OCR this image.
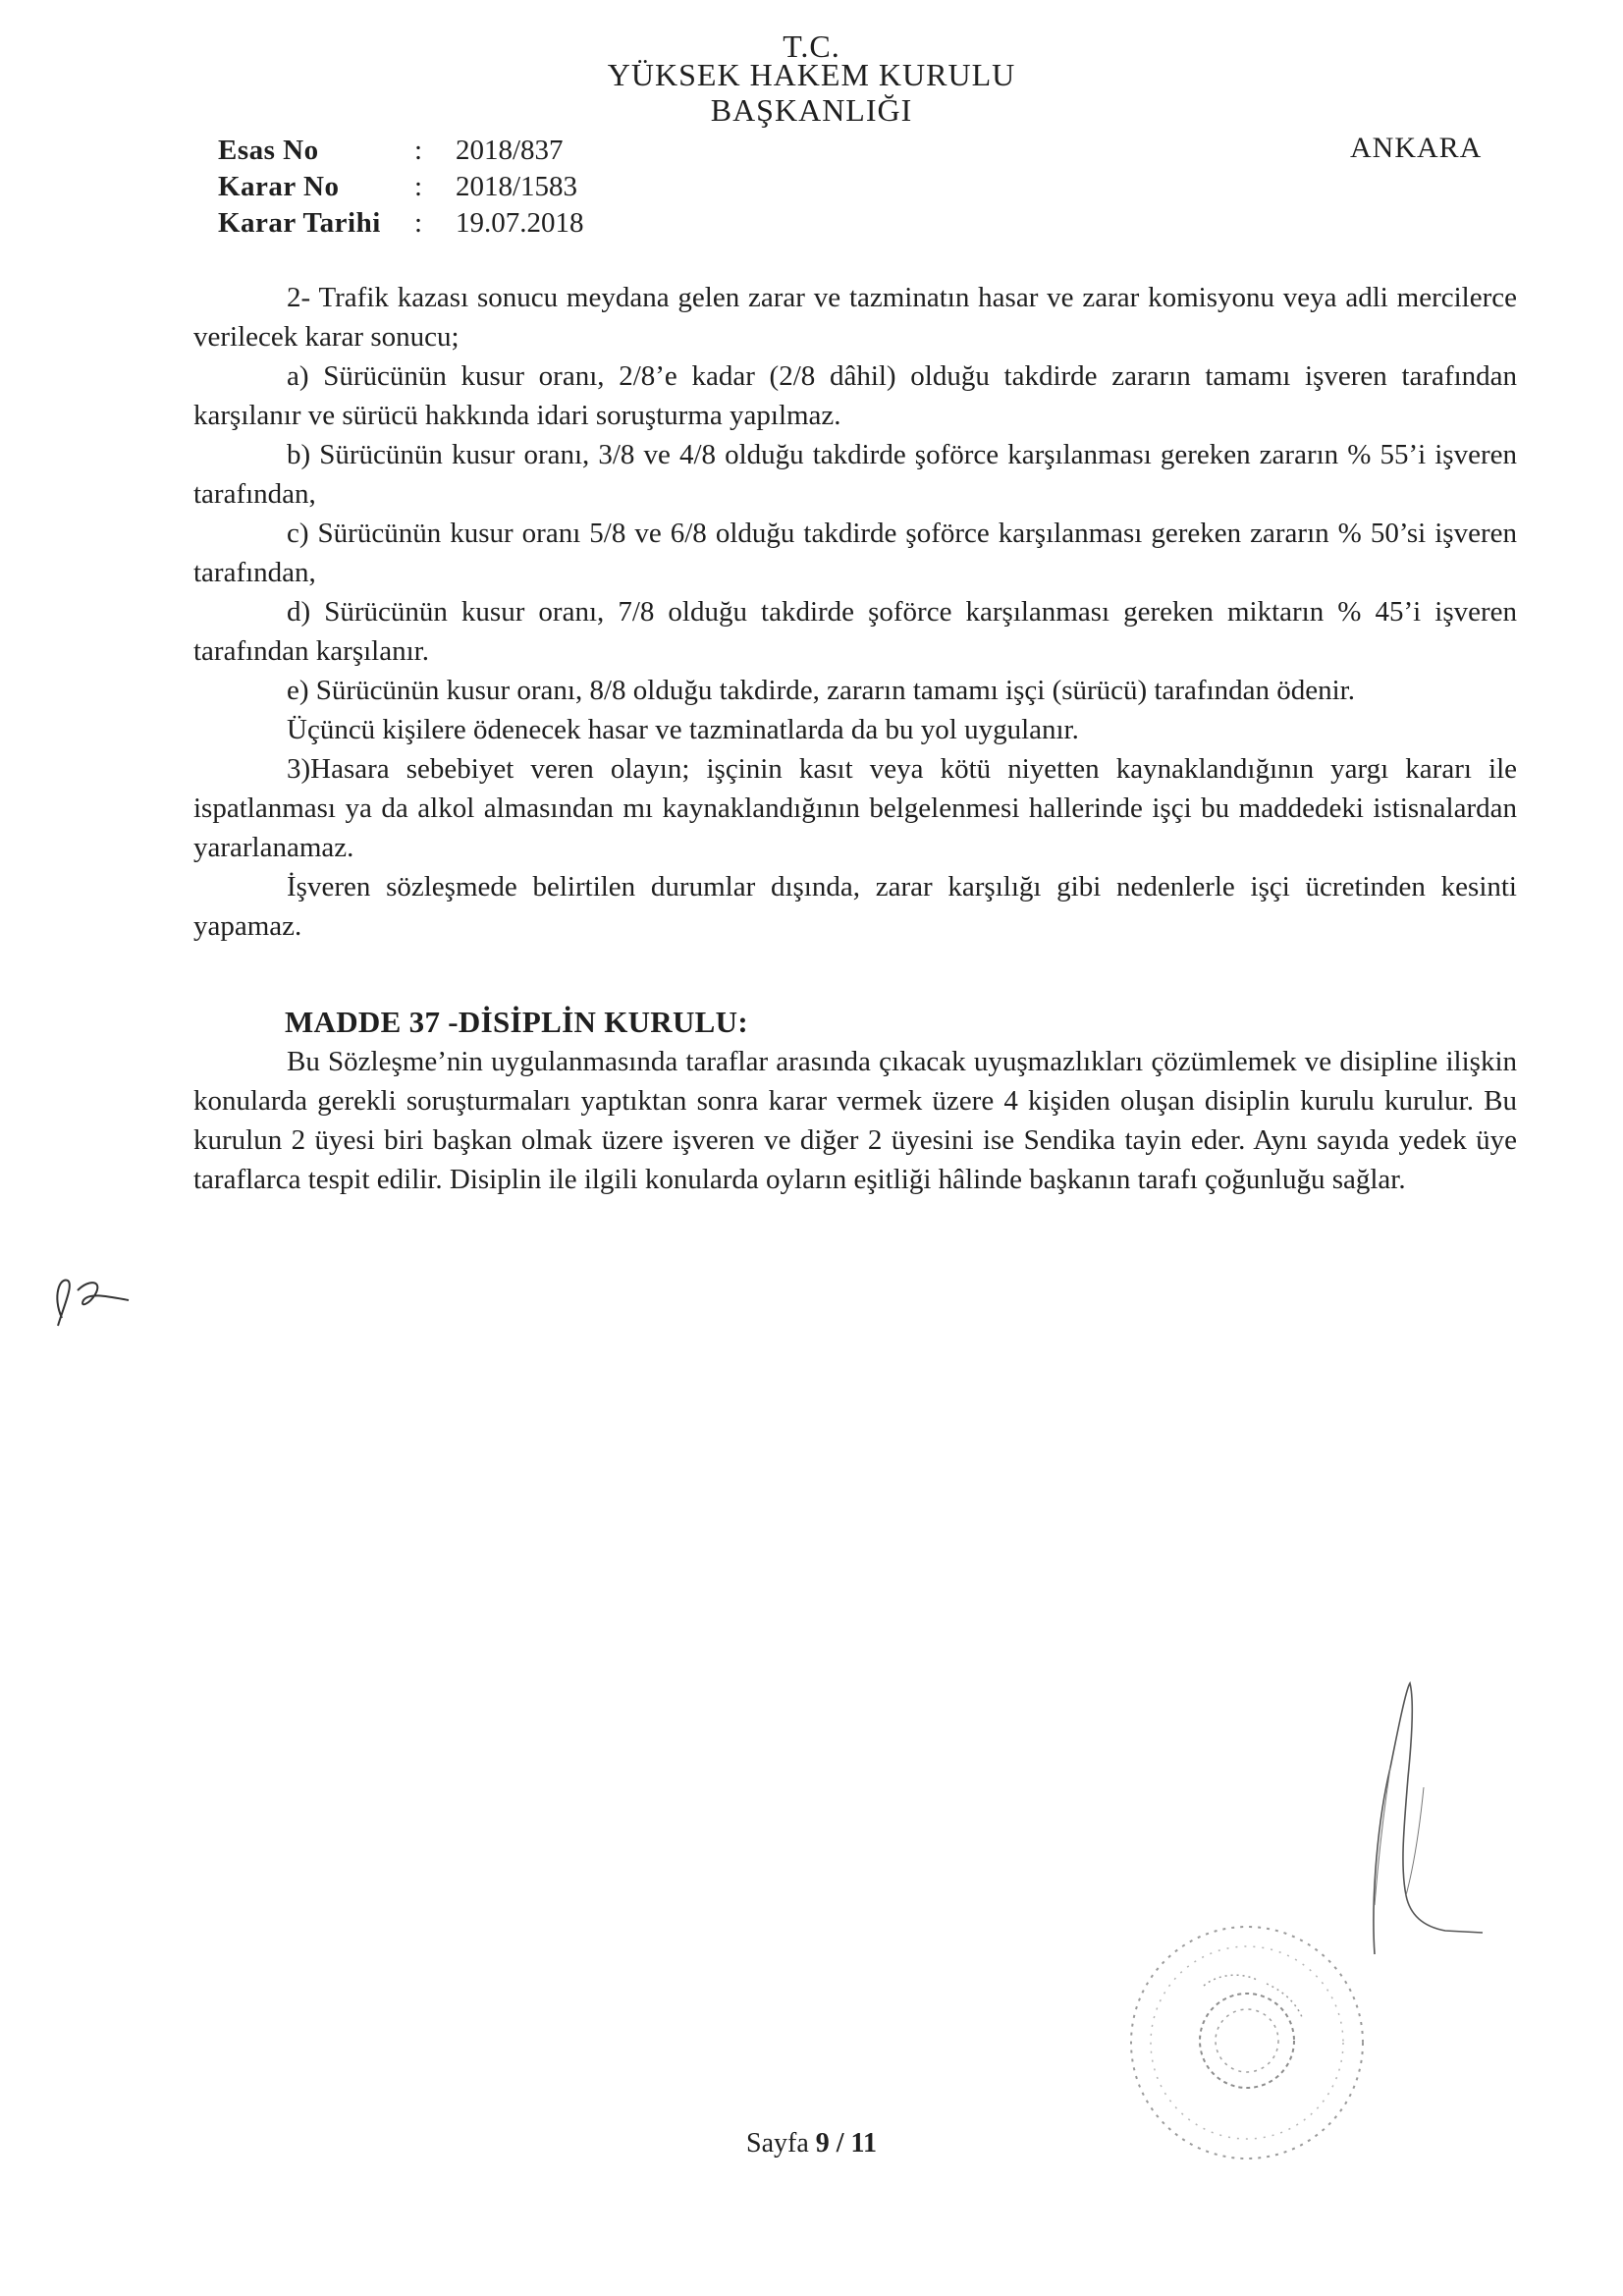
T.C.
YÜKSEK HAKEM KURULU
BAŞKANLIĞI
ANKARA
Esas No	: 2018/837
Karar No	: 2018/1583
Karar Tarihi : 19.07.2018

2- Trafik kazası sonucu meydana gelen zarar ve tazminatın hasar ve zarar komisyonu veya adli mercilerce verilecek karar sonucu;

a) Sürücünün kusur oranı, 2/8’e kadar (2/8 dâhil) olduğu takdirde zararın tamamı işveren tarafından karşılanır ve sürücü hakkında idari soruşturma yapılmaz.

b) Sürücünün kusur oranı, 3/8 ve 4/8 olduğu takdirde şoförce karşılanması gereken zararın % 55’i işveren tarafından,

c) Sürücünün kusur oranı 5/8 ve 6/8 olduğu takdirde şoförce karşılanması gereken zararın % 50’si işveren tarafından,

d) Sürücünün kusur oranı, 7/8 olduğu takdirde şoförce karşılanması gereken miktarın % 45’i işveren tarafından karşılanır.

e) Sürücünün kusur oranı, 8/8 olduğu takdirde, zararın tamamı işçi (sürücü) tarafından ödenir.

Üçüncü kişilere ödenecek hasar ve tazminatlarda da bu yol uygulanır.

3)Hasara sebebiyet veren olayın; işçinin kasıt veya kötü niyetten kaynaklandığının yargı kararı ile ispatlanması ya da alkol almasından mı kaynaklandığının belgelenmesi hallerinde işçi bu maddedeki istisnalardan yararlanamaz.

İşveren sözleşmede belirtilen durumlar dışında, zarar karşılığı gibi nedenlerle işçi ücretinden kesinti yapamaz.

MADDE 37 -DİSİPLİN KURULU:

Bu Sözleşme’nin uygulanmasında taraflar arasında çıkacak uyuşmazlıkları çözümlemek ve disipline ilişkin konularda gerekli soruşturmaları yaptıktan sonra karar vermek üzere 4 kişiden oluşan disiplin kurulu kurulur. Bu kurulun 2 üyesi biri başkan olmak üzere işveren ve diğer 2 üyesini ise Sendika tayin eder. Aynı sayıda yedek üye taraflarca tespit edilir. Disiplin ile ilgili konularda oyların eşitliği hâlinde başkanın tarafı çoğunluğu sağlar.

Sayfa 9 / 11
